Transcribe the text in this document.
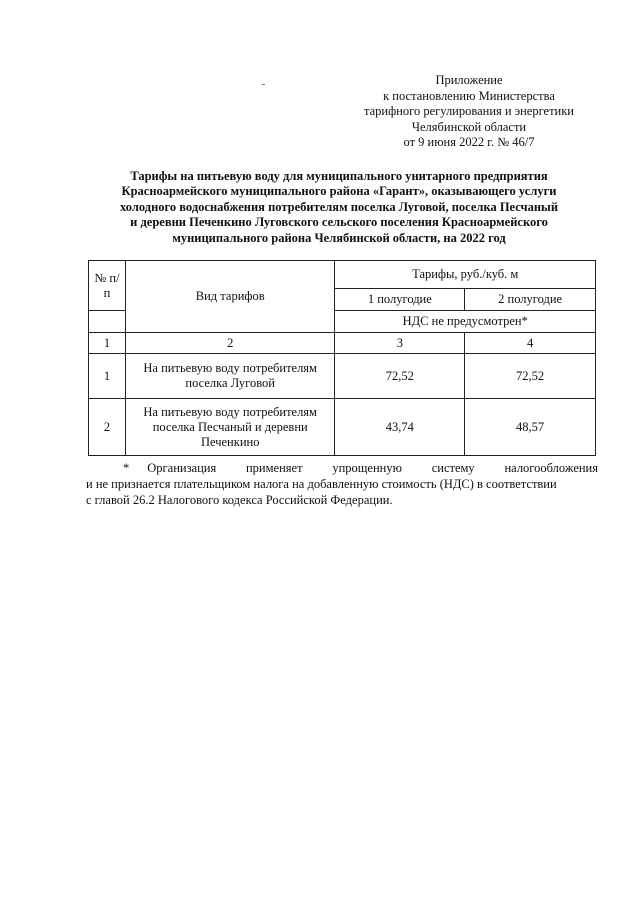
Приложение
к постановлению Министерства
тарифного регулирования и энергетики
Челябинской области
от 9 июня 2022 г. № 46/7
Тарифы на питьевую воду для муниципального унитарного предприятия
Красноармейского муниципального района «Гарант», оказывающего услуги
холодного водоснабжения потребителям поселка Луговой, поселка Песчаный
и деревни Печенкино Луговского сельского поселения Красноармейского
муниципального района Челябинской области, на 2022 год
№ п/п	Вид тарифов	Тарифы, руб./куб. м	
		1 полугодие	2 полугодие
		НДС не предусмотрен*	
1	2	3	4
1	На питьевую воду потребителям поселка Луговой	72,52	72,52
2	На питьевую воду потребителям поселка Песчаный и деревни Печенкино	43,74	48,57
* Организация применяет упрощенную систему налогообложения
и не признается плательщиком налога на добавленную стоимость (НДС) в соответствии
с главой 26.2 Налогового кодекса Российской Федерации.
